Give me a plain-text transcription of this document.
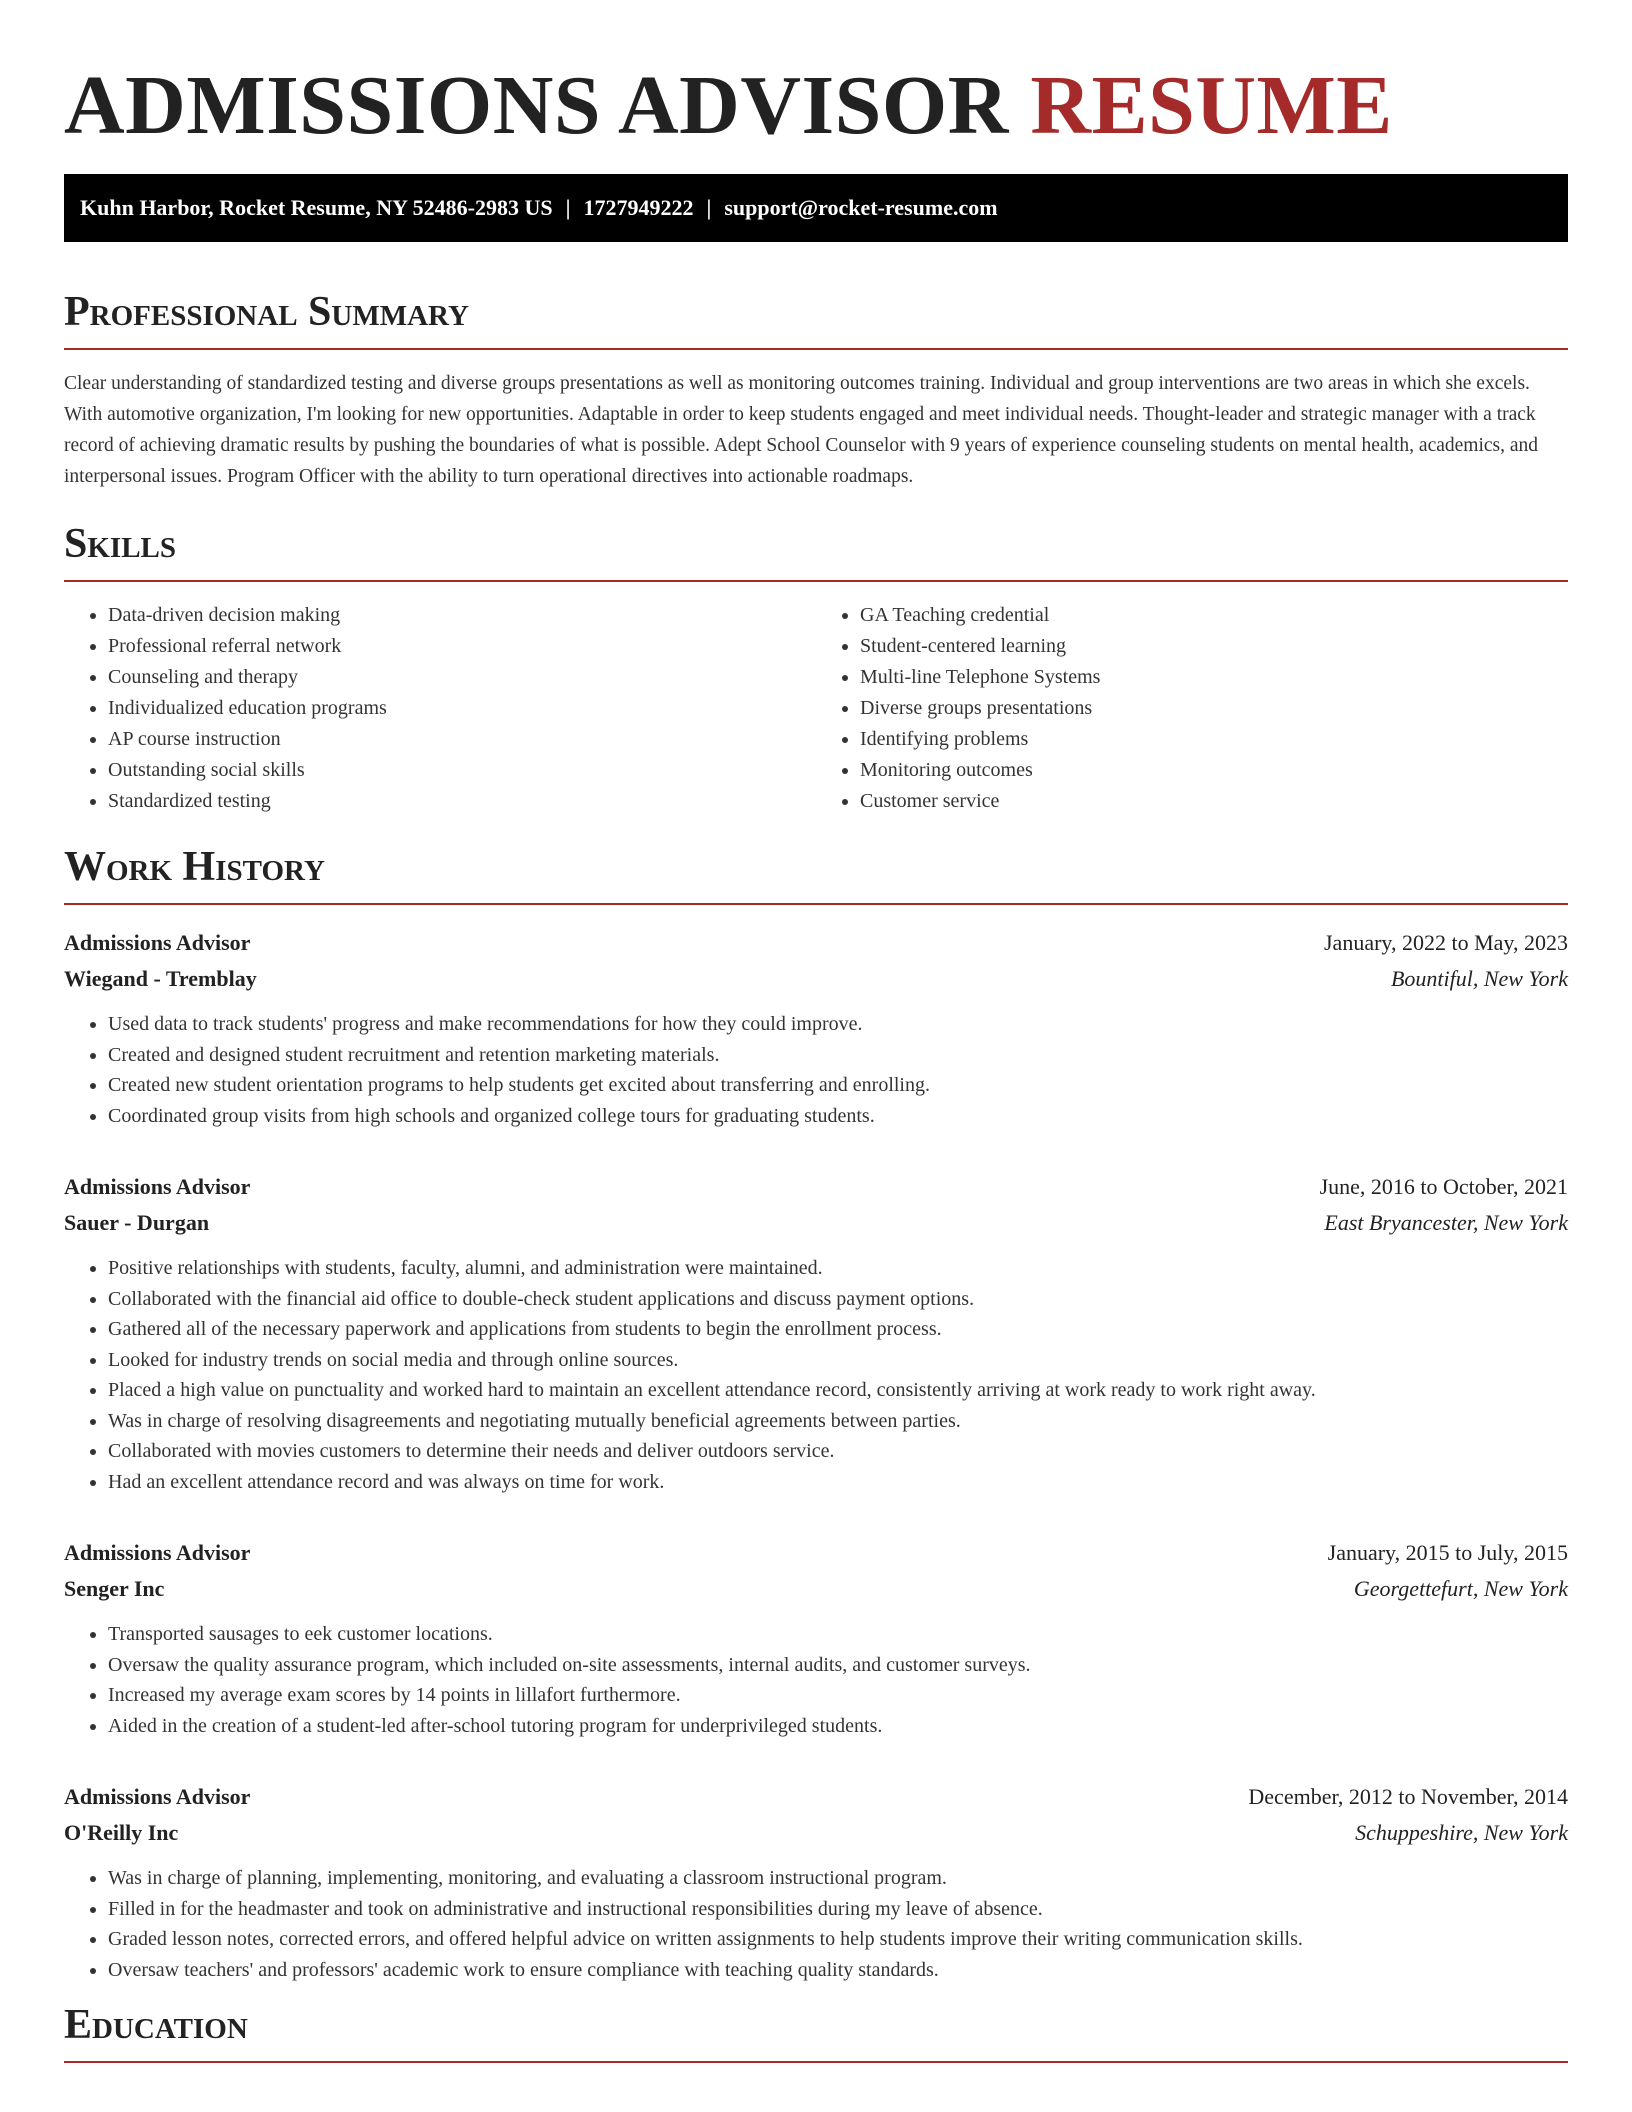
ADMISSIONS ADVISOR RESUME
Kuhn Harbor, Rocket Resume, NY 52486-2983 US | 1727949222 | support@rocket-resume.com
Professional Summary

Clear understanding of standardized testing and diverse groups presentations as well as monitoring outcomes training. Individual and group interventions are two areas in which she excels. With automotive organization, I'm looking for new opportunities. Adaptable in order to keep students engaged and meet individual needs. Thought-leader and strategic manager with a track record of achieving dramatic results by pushing the boundaries of what is possible. Adept School Counselor with 9 years of experience counseling students on mental health, academics, and interpersonal issues. Program Officer with the ability to turn operational directives into actionable roadmaps.

Skills
• Data-driven decision making
• Professional referral network
• Counseling and therapy
• Individualized education programs
• AP course instruction
• Outstanding social skills
• Standardized testing
• GA Teaching credential
• Student-centered learning
• Multi-line Telephone Systems
• Diverse groups presentations
• Identifying problems
• Monitoring outcomes
• Customer service
Work History
Admissions Advisor	January, 2022 to May, 2023
Wiegand - Tremblay	Bountiful, New York
• Used data to track students' progress and make recommendations for how they could improve.
• Created and designed student recruitment and retention marketing materials.
• Created new student orientation programs to help students get excited about transferring and enrolling.
• Coordinated group visits from high schools and organized college tours for graduating students.
Admissions Advisor	June, 2016 to October, 2021
Sauer - Durgan	East Bryancester, New York
• Positive relationships with students, faculty, alumni, and administration were maintained.
• Collaborated with the financial aid office to double-check student applications and discuss payment options.
• Gathered all of the necessary paperwork and applications from students to begin the enrollment process.
• Looked for industry trends on social media and through online sources.
• Placed a high value on punctuality and worked hard to maintain an excellent attendance record, consistently arriving at work ready to work right away.
• Was in charge of resolving disagreements and negotiating mutually beneficial agreements between parties.
• Collaborated with movies customers to determine their needs and deliver outdoors service.
• Had an excellent attendance record and was always on time for work.
Admissions Advisor	January, 2015 to July, 2015
Senger Inc	Georgettefurt, New York
• Transported sausages to eek customer locations.
• Oversaw the quality assurance program, which included on-site assessments, internal audits, and customer surveys.
• Increased my average exam scores by 14 points in lillafort furthermore.
• Aided in the creation of a student-led after-school tutoring program for underprivileged students.
Admissions Advisor	December, 2012 to November, 2014
O'Reilly Inc	Schuppeshire, New York
• Was in charge of planning, implementing, monitoring, and evaluating a classroom instructional program.
• Filled in for the headmaster and took on administrative and instructional responsibilities during my leave of absence.
• Graded lesson notes, corrected errors, and offered helpful advice on written assignments to help students improve their writing communication skills.
• Oversaw teachers' and professors' academic work to ensure compliance with teaching quality standards.
Education
